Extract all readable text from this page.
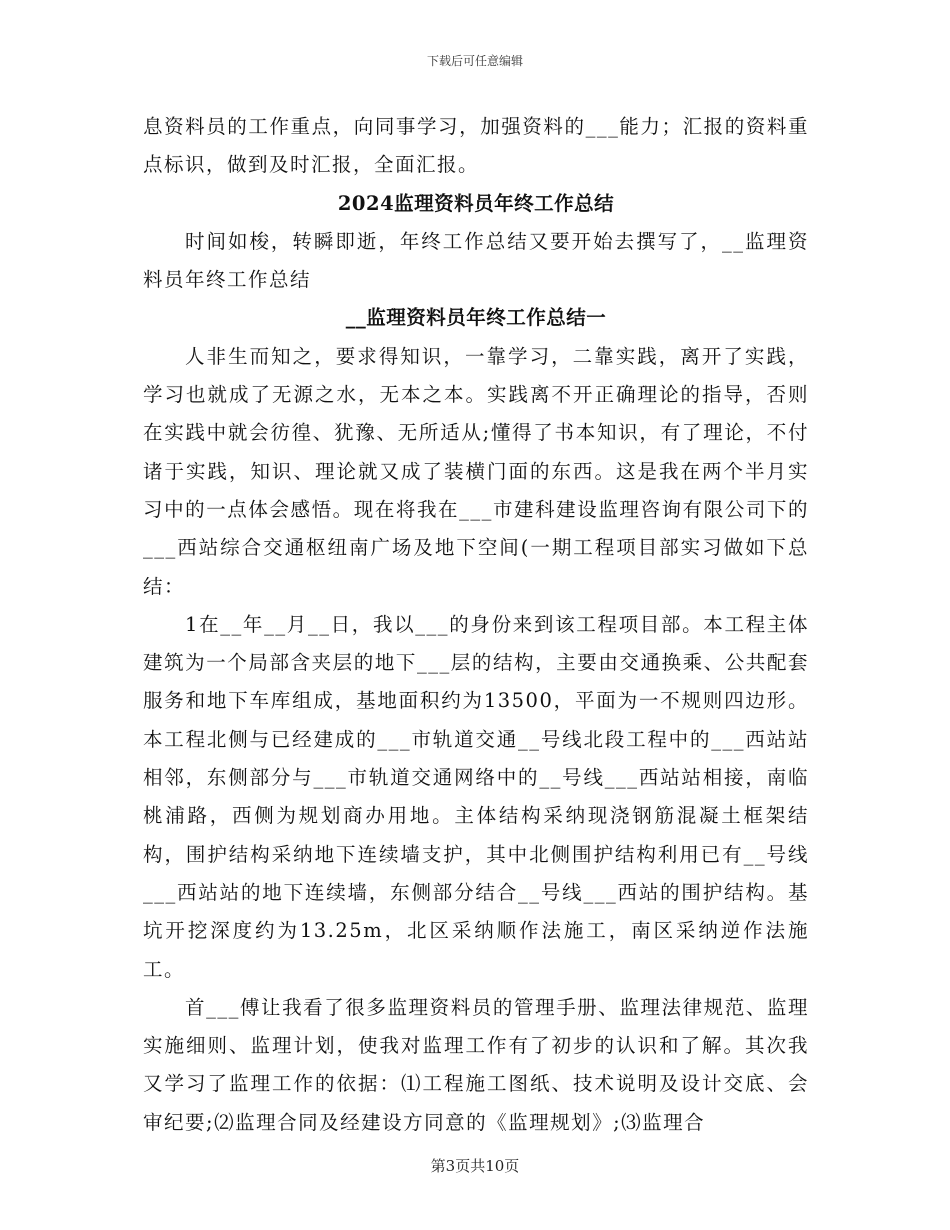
下载后可任意编辑

息资料员的工作重点，向同事学习，加强资料的___能力；汇报的资料重点标识，做到及时汇报，全面汇报。

2024监理资料员年终工作总结

时间如梭，转瞬即逝，年终工作总结又要开始去撰写了，__监理资料员年终工作总结

__监理资料员年终工作总结一

人非生而知之，要求得知识，一靠学习，二靠实践，离开了实践，学习也就成了无源之水，无本之本。实践离不开正确理论的指导，否则在实践中就会彷徨、犹豫、无所适从;懂得了书本知识，有了理论，不付诸于实践，知识、理论就又成了装横门面的东西。这是我在两个半月实习中的一点体会感悟。现在将我在___市建科建设监理咨询有限公司下的___西站综合交通枢纽南广场及地下空间(一期工程项目部实习做如下总结：

1在__年__月__日，我以___的身份来到该工程项目部。本工程主体建筑为一个局部含夹层的地下___层的结构，主要由交通换乘、公共配套服务和地下车库组成，基地面积约为13500，平面为一不规则四边形。本工程北侧与已经建成的___市轨道交通__号线北段工程中的___西站站相邻，东侧部分与___市轨道交通网络中的__号线___西站站相接，南临桃浦路，西侧为规划商办用地。主体结构采纳现浇钢筋混凝土框架结构，围护结构采纳地下连续墙支护，其中北侧围护结构利用已有__号线___西站站的地下连续墙，东侧部分结合__号线___西站的围护结构。基坑开挖深度约为13.25m，北区采纳顺作法施工，南区采纳逆作法施工。

首___傅让我看了很多监理资料员的管理手册、监理法律规范、监理实施细则、监理计划，使我对监理工作有了初步的认识和了解。其次我又学习了监理工作的依据：⑴工程施工图纸、技术说明及设计交底、会审纪要;⑵监理合同及经建设方同意的《监理规划》;⑶监理合

第3页共10页
